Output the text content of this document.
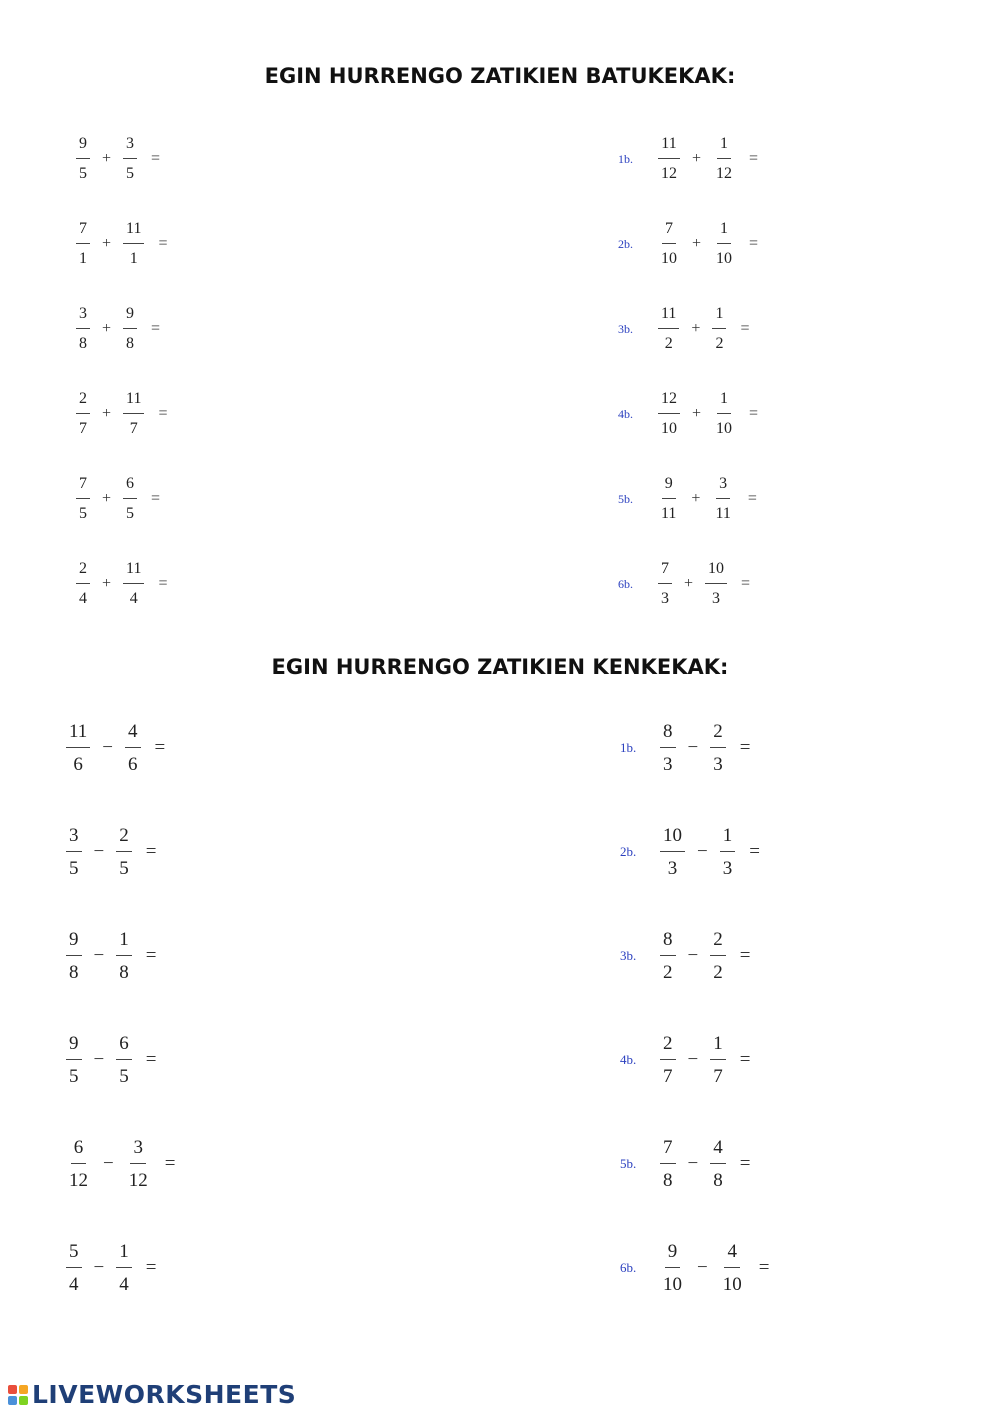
EGIN HURRENGO ZATIKIEN BATUKEKAK:
EGIN HURRENGO ZATIKIEN KENKEKAK:
$\frac{9}{5} + \frac{3}{5}$ =
$\frac{7}{1} + \frac{11}{1}$ =
$\frac{3}{8} + \frac{9}{8}$ =
$\frac{2}{7} + \frac{11}{7}$ =
$\frac{7}{5} + \frac{6}{5}$ =
$\frac{2}{4} + \frac{11}{4}$ =
1b.	$\frac{11}{12} + \frac{1}{12}$ =
2b.	$\frac{7}{10} + \frac{1}{10}$ =
3b.	$\frac{11}{2} + \frac{1}{2}$ =
4b.	$\frac{12}{10} + \frac{1}{10}$ =
5b.	$\frac{9}{11} + \frac{3}{11}$ =
6b.	$\frac{7}{3} + \frac{10}{3}$ =
$\frac{11}{6} - \frac{4}{6}$ =
$\frac{3}{5} - \frac{2}{5}$ =
$\frac{9}{8} - \frac{1}{8}$ =
$\frac{9}{5} - \frac{6}{5}$ =
$\frac{6}{12} - \frac{3}{12}$ =
$\frac{5}{4} - \frac{1}{4}$ =
1b.	$\frac{8}{3} - \frac{2}{3}$ =
2b.	$\frac{10}{3} - \frac{1}{3}$ =
3b.	$\frac{8}{2} - \frac{2}{2}$ =
4b.	$\frac{2}{7} - \frac{1}{7}$ =
5b.	$\frac{7}{8} - \frac{4}{8}$ =
6b.	$\frac{9}{10} - \frac{4}{10}$ =
LIVEWORKSHEETS
